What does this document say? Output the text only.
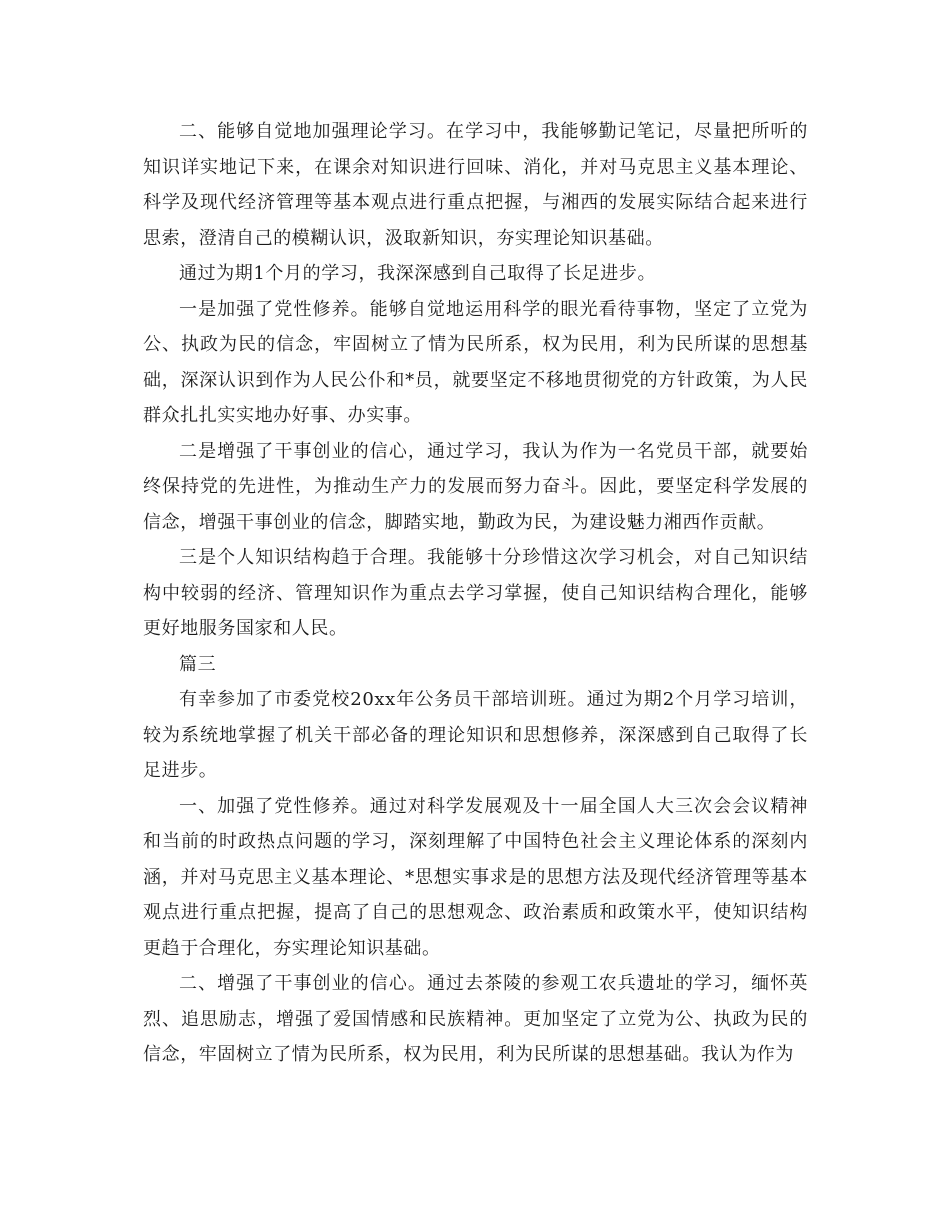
二、能够自觉地加强理论学习。在学习中，我能够勤记笔记，尽量把所听的知识详实地记下来，在课余对知识进行回味、消化，并对马克思主义基本理论、科学及现代经济管理等基本观点进行重点把握，与湘西的发展实际结合起来进行思索，澄清自己的模糊认识，汲取新知识，夯实理论知识基础。

通过为期1个月的学习，我深深感到自己取得了长足进步。

一是加强了党性修养。能够自觉地运用科学的眼光看待事物，坚定了立党为公、执政为民的信念，牢固树立了情为民所系，权为民用，利为民所谋的思想基础，深深认识到作为人民公仆和*员，就要坚定不移地贯彻党的方针政策，为人民群众扎扎实实地办好事、办实事。

二是增强了干事创业的信心，通过学习，我认为作为一名党员干部，就要始终保持党的先进性，为推动生产力的发展而努力奋斗。因此，要坚定科学发展的信念，增强干事创业的信念，脚踏实地，勤政为民，为建设魅力湘西作贡献。

三是个人知识结构趋于合理。我能够十分珍惜这次学习机会，对自己知识结构中较弱的经济、管理知识作为重点去学习掌握，使自己知识结构合理化，能够更好地服务国家和人民。

篇三

有幸参加了市委党校20xx年公务员干部培训班。通过为期2个月学习培训，较为系统地掌握了机关干部必备的理论知识和思想修养，深深感到自己取得了长足进步。

一、加强了党性修养。通过对科学发展观及十一届全国人大三次会会议精神和当前的时政热点问题的学习，深刻理解了中国特色社会主义理论体系的深刻内涵，并对马克思主义基本理论、*思想实事求是的思想方法及现代经济管理等基本观点进行重点把握，提高了自己的思想观念、政治素质和政策水平，使知识结构更趋于合理化，夯实理论知识基础。

二、增强了干事创业的信心。通过去茶陵的参观工农兵遗址的学习，缅怀英烈、追思励志，增强了爱国情感和民族精神。更加坚定了立党为公、执政为民的信念，牢固树立了情为民所系，权为民用，利为民所谋的思想基础。我认为作为
